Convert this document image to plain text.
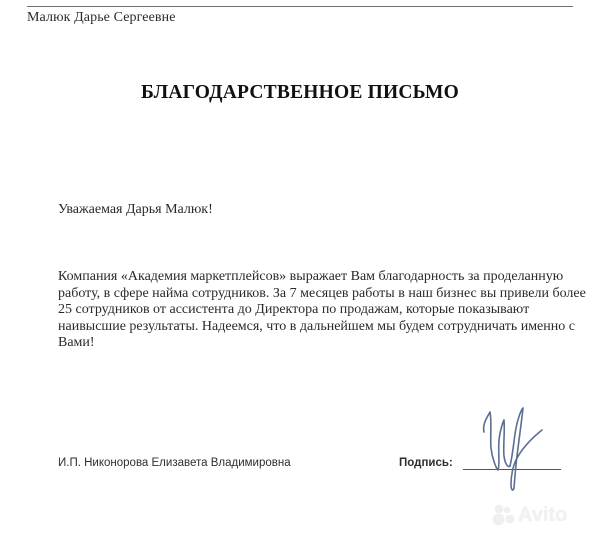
Малюк Дарье Сергеевне
БЛАГОДАРСТВЕННОЕ ПИСЬМО
Уважаемая Дарья Малюк!
Компания «Академия маркетплейсов» выражает Вам благодарность за проделанную
работу, в сфере найма сотрудников. За 7 месяцев работы в наш бизнес вы привели более
25 сотрудников от ассистента до Директора по продажам, которые показывают
наивысшие результаты. Надеемся, что в дальнейшем мы будем сотрудничать именно с
Вами!
И.П. Никонорова Елизавета Владимировна	Подпись:
Avito
